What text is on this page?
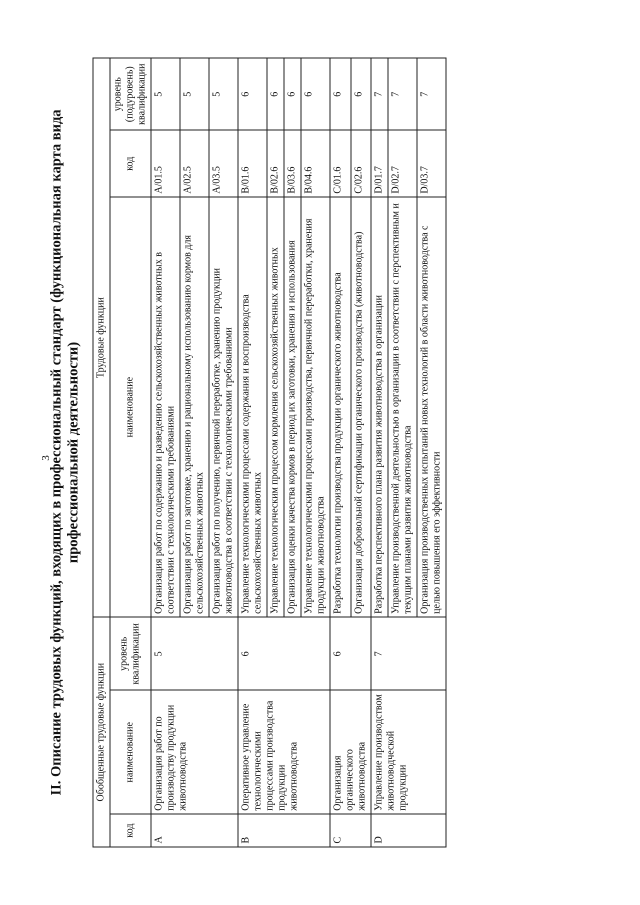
3
II. Описание трудовых функций, входящих в профессиональный стандарт (функциональная карта вида профессиональной деятельности)
Обобщенные трудовые функции			Трудовые функции		
код	наименование	уровень квалификации	наименование	код	уровень (подуровень) квалификации
A	Организация работ по производству продукции животноводства	5	Организация работ по содержанию и разведению сельскохозяйственных животных в соответствии с технологическими требованиями	A/01.5	5
			Организация работ по заготовке, хранению и рациональному использованию кормов для сельскохозяйственных животных	A/02.5	5
			Организация работ по получению, первичной переработке, хранению продукции животноводства в соответствии с технологическими требованиями	A/03.5	5
B	Оперативное управление технологическими процессами производства продукции животноводства	6	Управление технологическими процессами содержания и воспроизводства сельскохозяйственных животных	B/01.6	6
			Управление технологическим процессом кормления сельскохозяйственных животных	B/02.6	6
			Организация оценки качества кормов в период их заготовки, хранения и использования	B/03.6	6
			Управление технологическими процессами производства, первичной переработки, хранения продукции животноводства	B/04.6	6
C	Организация органического животноводства	6	Разработка технологии производства продукции органического животноводства	C/01.6	6
			Организация добровольной сертификации органического производства (животноводства)	C/02.6	6
D	Управление производством животноводческой продукции	7	Разработка перспективного плана развития животноводства в организации	D/01.7	7
			Управление производственной деятельностью в организации в соответствии с перспективным и текущим планами развития животноводства	D/02.7	7
			Организация производственных испытаний новых технологий в области животноводства с целью повышения его эффективности	D/03.7	7
